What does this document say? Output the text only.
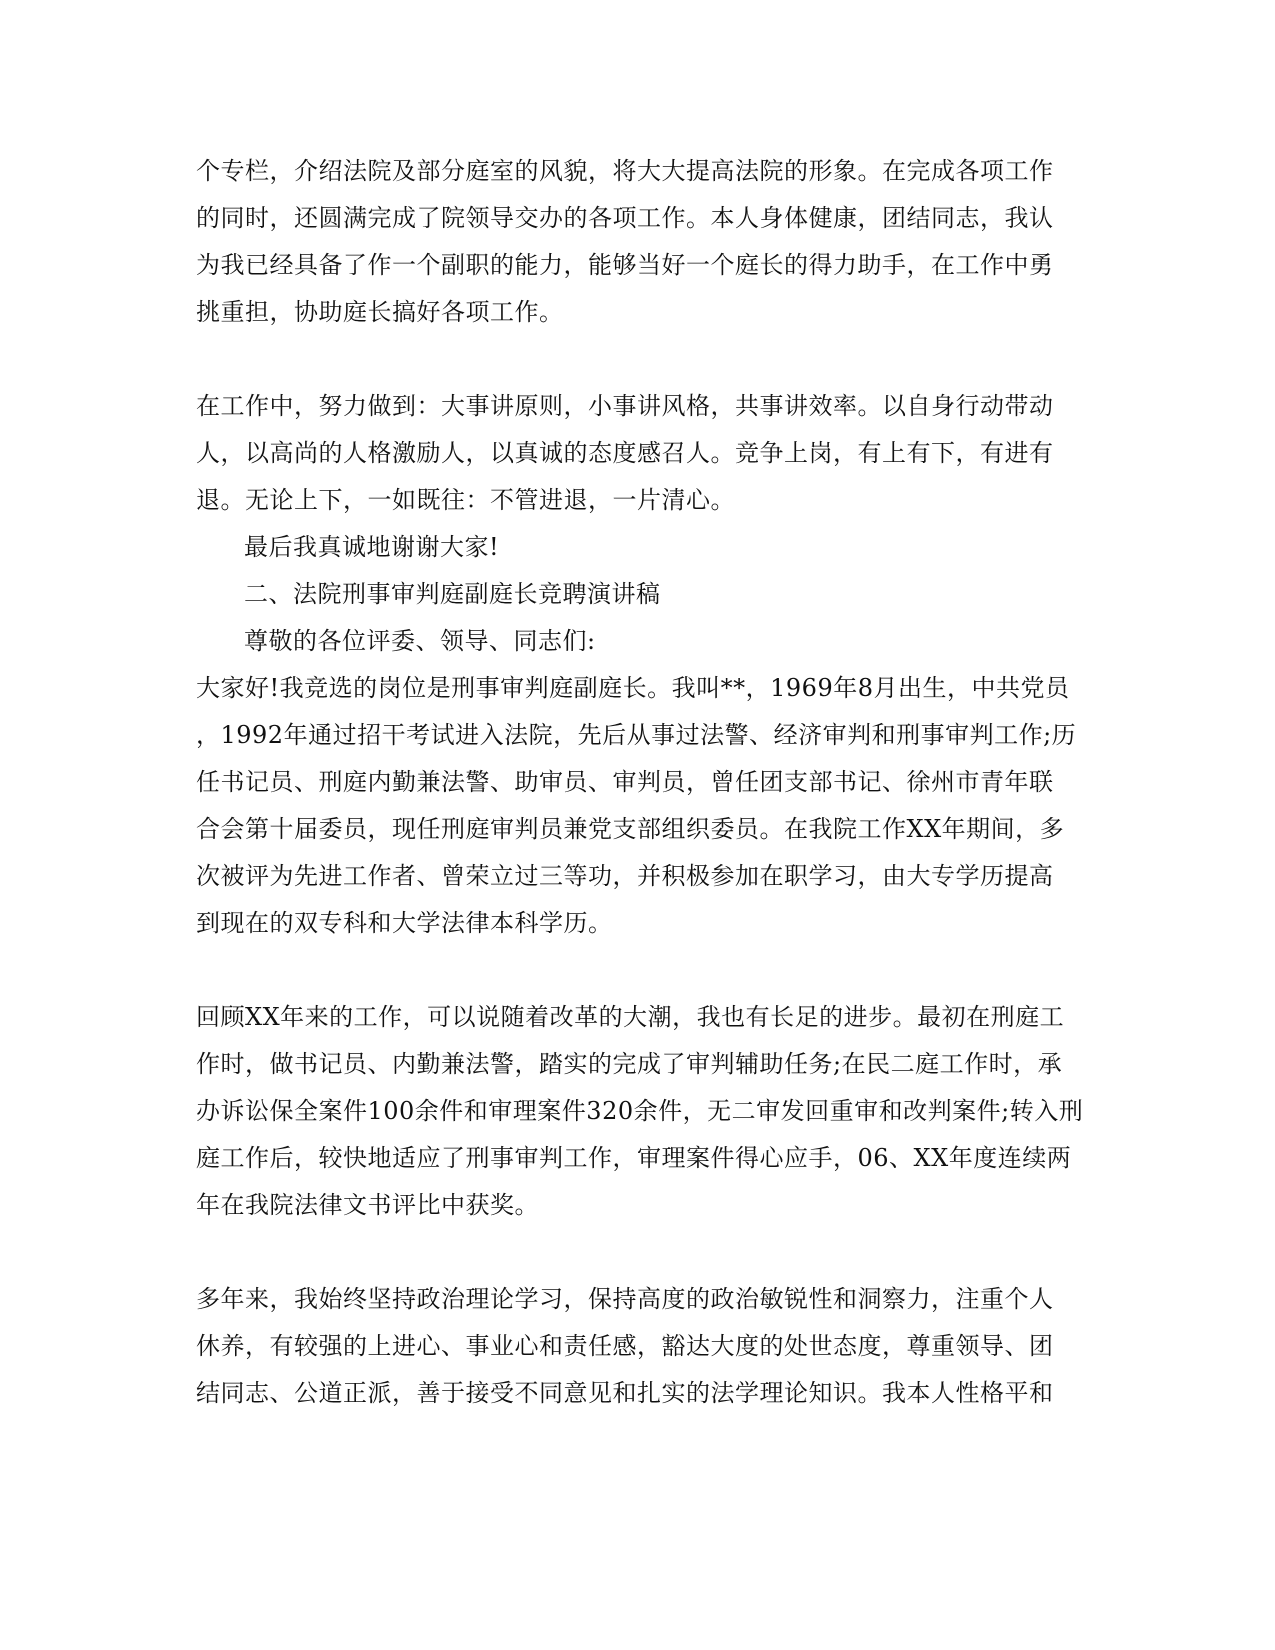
个专栏，介绍法院及部分庭室的风貌，将大大提高法院的形象。在完成各项工作
的同时，还圆满完成了院领导交办的各项工作。本人身体健康，团结同志，我认
为我已经具备了作一个副职的能力，能够当好一个庭长的得力助手，在工作中勇
挑重担，协助庭长搞好各项工作。
在工作中，努力做到：大事讲原则，小事讲风格，共事讲效率。以自身行动带动
人，以高尚的人格激励人，以真诚的态度感召人。竞争上岗，有上有下，有进有
退。无论上下，一如既往：不管进退，一片清心。
最后我真诚地谢谢大家!
二、法院刑事审判庭副庭长竞聘演讲稿
尊敬的各位评委、领导、同志们:
大家好!我竞选的岗位是刑事审判庭副庭长。我叫**，1969年8月出生，中共党员
，1992年通过招干考试进入法院，先后从事过法警、经济审判和刑事审判工作;历
任书记员、刑庭内勤兼法警、助审员、审判员，曾任团支部书记、徐州市青年联
合会第十届委员，现任刑庭审判员兼党支部组织委员。在我院工作XX年期间，多
次被评为先进工作者、曾荣立过三等功，并积极参加在职学习，由大专学历提高
到现在的双专科和大学法律本科学历。
回顾XX年来的工作，可以说随着改革的大潮，我也有长足的进步。最初在刑庭工
作时，做书记员、内勤兼法警，踏实的完成了审判辅助任务;在民二庭工作时，承
办诉讼保全案件100余件和审理案件320余件，无二审发回重审和改判案件;转入刑
庭工作后，较快地适应了刑事审判工作，审理案件得心应手，06、XX年度连续两
年在我院法律文书评比中获奖。
多年来，我始终坚持政治理论学习，保持高度的政治敏锐性和洞察力，注重个人
休养，有较强的上进心、事业心和责任感，豁达大度的处世态度，尊重领导、团
结同志、公道正派，善于接受不同意见和扎实的法学理论知识。我本人性格平和
